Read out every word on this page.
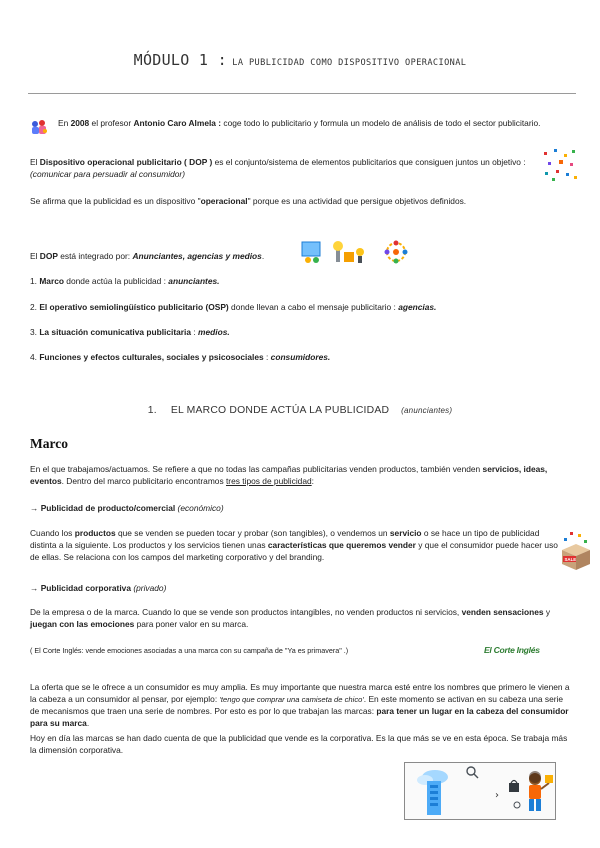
MÓDULO 1 : LA PUBLICIDAD COMO DISPOSITIVO OPERACIONAL
En 2008 el profesor Antonio Caro Almela : coge todo lo publicitario y formula un modelo de análisis de todo el sector publicitario.
El Dispositivo operacional publicitario ( DOP ) es el conjunto/sistema de elementos publicitarios que consiguen juntos un objetivo : (comunicar para persuadir al consumidor)
Se afirma que la publicidad es un dispositivo "operacional" porque es una actividad que persigue objetivos definidos.
El DOP está integrado por: Anunciantes, agencias y medios.
1. Marco donde actúa la publicidad : anunciantes.
2. El operativo semiolingüístico publicitario (OSP) donde llevan a cabo el mensaje publicitario : agencias.
3. La situación comunicativa publicitaria : medios.
4. Funciones y efectos culturales, sociales y psicosociales : consumidores.
1. EL MARCO DONDE ACTÚA LA PUBLICIDAD (anunciantes)
Marco
En el que trabajamos/actuamos. Se refiere a que no todas las campañas publicitarias venden productos, también venden servicios, ideas, eventos. Dentro del marco publicitario encontramos tres tipos de publicidad:
→ Publicidad de producto/comercial (económico)
Cuando los productos que se venden se pueden tocar y probar (son tangibles), o vendemos un servicio o se hace un tipo de publicidad distinta a la siguiente. Los productos y los servicios tienen unas características que queremos vender y que el consumidor puede hacer uso de ellas. Se relaciona con los campos del marketing corporativo y del branding.	SALE
→ Publicidad corporativa (privado)
De la empresa o de la marca. Cuando lo que se vende son productos intangibles, no venden productos ni servicios, venden sensaciones y juegan con las emociones para poner valor en su marca.
( El Corte Inglés: vende emociones asociadas a una marca con su campaña de "Ya es primavera" .)	El Corte Inglés
La oferta que se le ofrece a un consumidor es muy amplia. Es muy importante que nuestra marca esté entre los nombres que primero le vienen a la cabeza a un consumidor al pensar, por ejemplo: 'tengo que comprar una camiseta de chico'. En este momento se activan en su cabeza una serie de mecanismos que traen una serie de nombres. Por esto es por lo que trabajan las marcas: para tener un lugar en la cabeza del consumidor para su marca.
Hoy en día las marcas se han dado cuenta de que la publicidad que vende es la corporativa. Es la que más se ve en esta época. Se trabaja más la dimensión corporativa.
›
